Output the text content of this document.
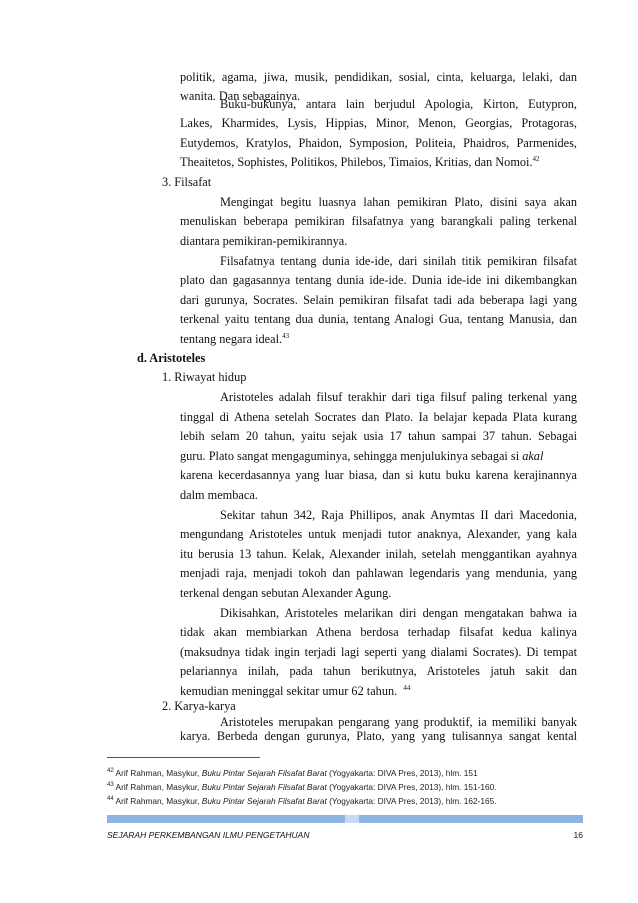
politik, agama, jiwa, musik, pendidikan, sosial, cinta, keluarga, lelaki, dan
wanita. Dan sebagainya.
Buku-bukunya, antara lain berjudul Apologia, Kirton, Eutypron,
Lakes, Kharmides, Lysis, Hippias, Minor, Menon, Georgias, Protagoras,
Eutydemos, Kratylos, Phaidon, Symposion, Politeia, Phaidros, Parmenides,
Theaitetos, Sophistes, Politikos, Philebos, Timaios, Kritias, dan Nomoi.$^{42}$
3. Filsafat
Mengingat begitu luasnya lahan pemikiran Plato, disini saya akan
menuliskan beberapa pemikiran filsafatnya yang barangkali paling terkenal
diantara pemikiran-pemikirannya.
Filsafatnya tentang dunia ide-ide, dari sinilah titik pemikiran filsafat
plato dan gagasannya tentang dunia ide-ide. Dunia ide-ide ini dikembangkan
dari gurunya, Socrates. Selain pemikiran filsafat tadi ada beberapa lagi yang
terkenal yaitu tentang dua dunia, tentang Analogi Gua, tentang Manusia, dan
tentang negara ideal.$^{43}$
d. Aristoteles
1. Riwayat hidup
Aristoteles adalah filsuf terakhir dari tiga filsuf paling terkenal yang
tinggal di Athena setelah Socrates dan Plato. Ia belajar kepada Plata kurang
lebih selam 20 tahun, yaitu sejak usia 17 tahun sampai 37 tahun. Sebagai
guru. Plato sangat mengaguminya, sehingga menjulukinya sebagai si akal
karena kecerdasannya yang luar biasa, dan si kutu buku karena kerajinannya
dalm membaca.
Sekitar tahun 342, Raja Phillipos, anak Anymtas II dari Macedonia,
mengundang Aristoteles untuk menjadi tutor anaknya, Alexander, yang kala
itu berusia 13 tahun. Kelak, Alexander inilah, setelah menggantikan ayahnya
menjadi raja, menjadi tokoh dan pahlawan legendaris yang mendunia, yang
terkenal dengan sebutan Alexander Agung.
Dikisahkan, Aristoteles melarikan diri dengan mengatakan bahwa ia
tidak akan membiarkan Athena berdosa terhadap filsafat kedua kalinya
(maksudnya tidak ingin terjadi lagi seperti yang dialami Socrates). Di tempat
pelariannya inilah, pada tahun berikutnya, Aristoteles jatuh sakit dan
kemudian meninggal sekitar umur 62 tahun. $^{44}$
2. Karya-karya
Aristoteles merupakan pengarang yang produktif, ia memiliki banyak
karya. Berbeda dengan gurunya, Plato, yang yang tulisannya sangat kental
$^{42}$ Arif Rahman, Masykur, Buku Pintar Sejarah Filsafat Barat (Yogyakarta: DIVA Pres, 2013), hlm. 151
$^{43}$ Arif Rahman, Masykur, Buku Pintar Sejarah Filsafat Barat (Yogyakarta: DIVA Pres, 2013), hlm. 151-160.
$^{44}$ Arif Rahman, Masykur, Buku Pintar Sejarah Filsafat Barat (Yogyakarta: DIVA Pres, 2013), hlm. 162-165.
SEJARAH PERKEMBANGAN ILMU PENGETAHUAN	16
